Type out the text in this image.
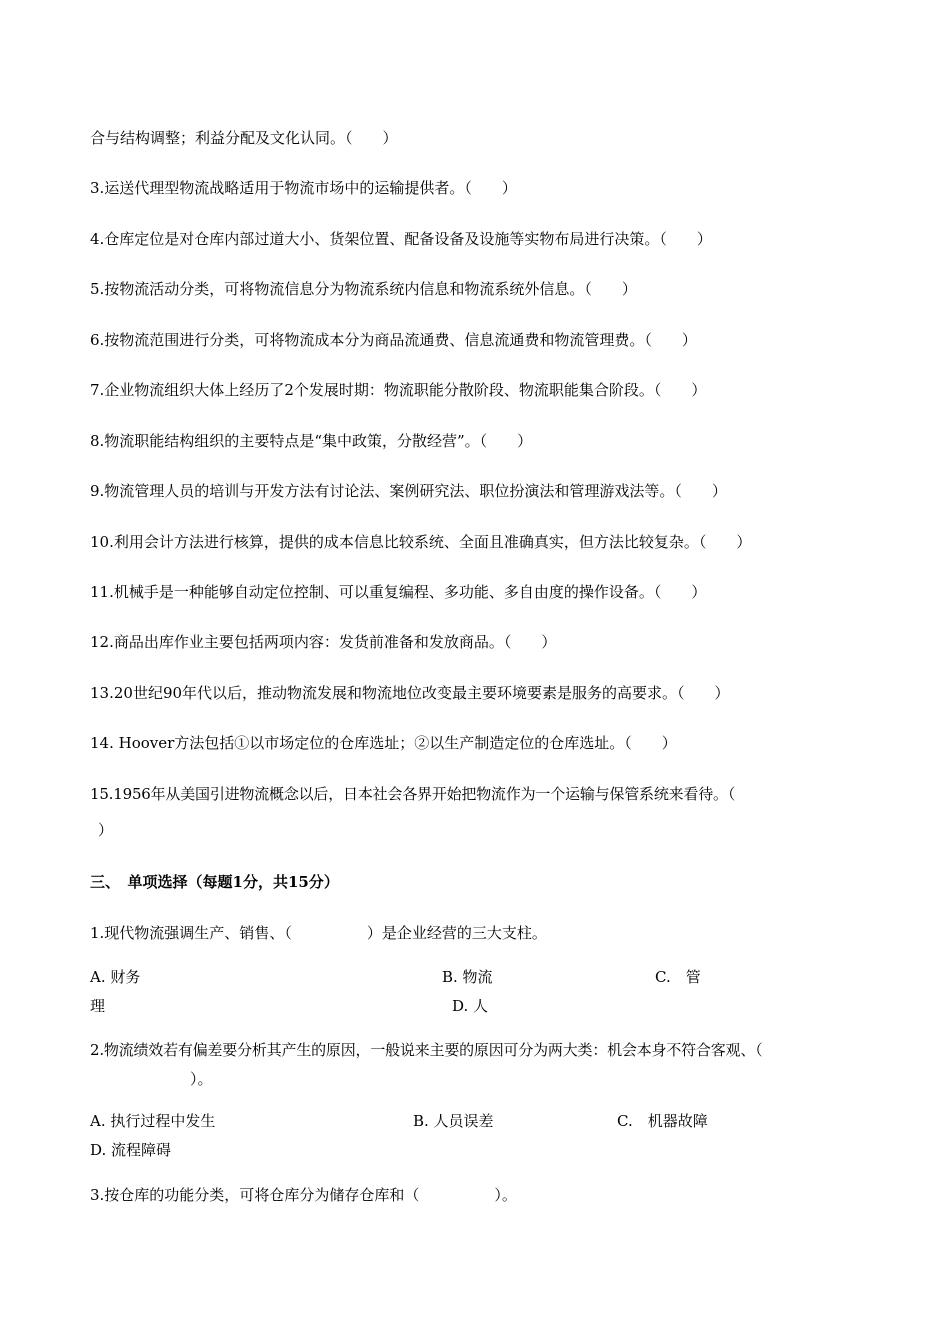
合与结构调整；利益分配及文化认同。（　　）
3.运送代理型物流战略适用于物流市场中的运输提供者。（　　）
4.仓库定位是对仓库内部过道大小、货架位置、配备设备及设施等实物布局进行决策。（　　）
5.按物流活动分类，可将物流信息分为物流系统内信息和物流系统外信息。（　　）
6.按物流范围进行分类，可将物流成本分为商品流通费、信息流通费和物流管理费。（　　）
7.企业物流组织大体上经历了2个发展时期：物流职能分散阶段、物流职能集合阶段。（　　）
8.物流职能结构组织的主要特点是“集中政策，分散经营”。（　　）
9.物流管理人员的培训与开发方法有讨论法、案例研究法、职位扮演法和管理游戏法等。（　　）
10.利用会计方法进行核算，提供的成本信息比较系统、全面且准确真实，但方法比较复杂。（　　）
11.机械手是一种能够自动定位控制、可以重复编程、多功能、多自由度的操作设备。（　　）
12.商品出库作业主要包括两项内容：发货前准备和发放商品。（　　）
13.20世纪90年代以后，推动物流发展和物流地位改变最主要环境要素是服务的高要求。（　　）
14. Hoover方法包括①以市场定位的仓库选址；②以生产制造定位的仓库选址。（　　）
15.1956年从美国引进物流概念以后，日本社会各界开始把物流作为一个运输与保管系统来看待。（
）
三、　单项选择（每题1分，共15分）
1.现代物流强调生产、销售、（　　　　　）是企业经营的三大支柱。
A. 财务	B. 物流	C.　管
理	D. 人
2.物流绩效若有偏差要分析其产生的原因，一般说来主要的原因可分为两大类：机会本身不符合客观、（
　　　　）。
A. 执行过程中发生	B. 人员误差	C.　机器故障
D. 流程障碍
3.按仓库的功能分类，可将仓库分为储存仓库和（　　　　　）。
